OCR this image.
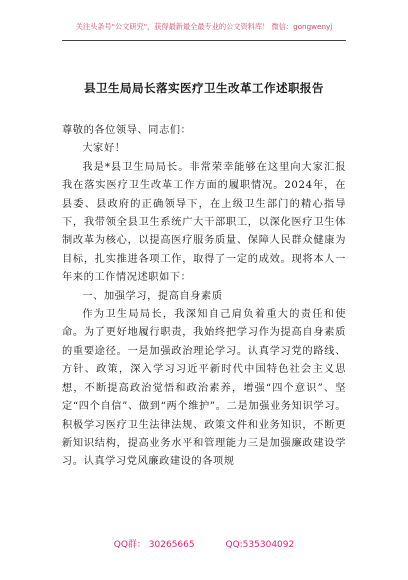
关注头条号"公文研究"，获得最新最全最专业的公文资料库！ 微信：gongwenyj
县卫生局局长落实医疗卫生改革工作述职报告

尊敬的各位领导、同志们：

大家好！

我是*县卫生局局长。非常荣幸能够在这里向大家汇报我在落实医疗卫生改革工作方面的履职情况。2024年，在县委、县政府的正确领导下，在上级卫生部门的精心指导下，我带领全县卫生系统广大干部职工，以深化医疗卫生体制改革为核心，以提高医疗服务质量、保障人民群众健康为目标，扎实推进各项工作，取得了一定的成效。现将本人一年来的工作情况述职如下：

一、加强学习，提高自身素质

作为卫生局局长，我深知自己肩负着重大的责任和使命。为了更好地履行职责，我始终把学习作为提高自身素质的重要途径。一是加强政治理论学习。认真学习党的路线、方针、政策，深入学习习近平新时代中国特色社会主义思想，不断提高政治觉悟和政治素养，增强“四个意识”、坚定“四个自信”、做到“两个维护”。二是加强业务知识学习。积极学习医疗卫生法律法规、政策文件和业务知识，不断更新知识结构，提高业务水平和管理能力三是加强廉政建设学习。认真学习党风廉政建设的各项规

QQ群： 30265665	QQ:535304092
